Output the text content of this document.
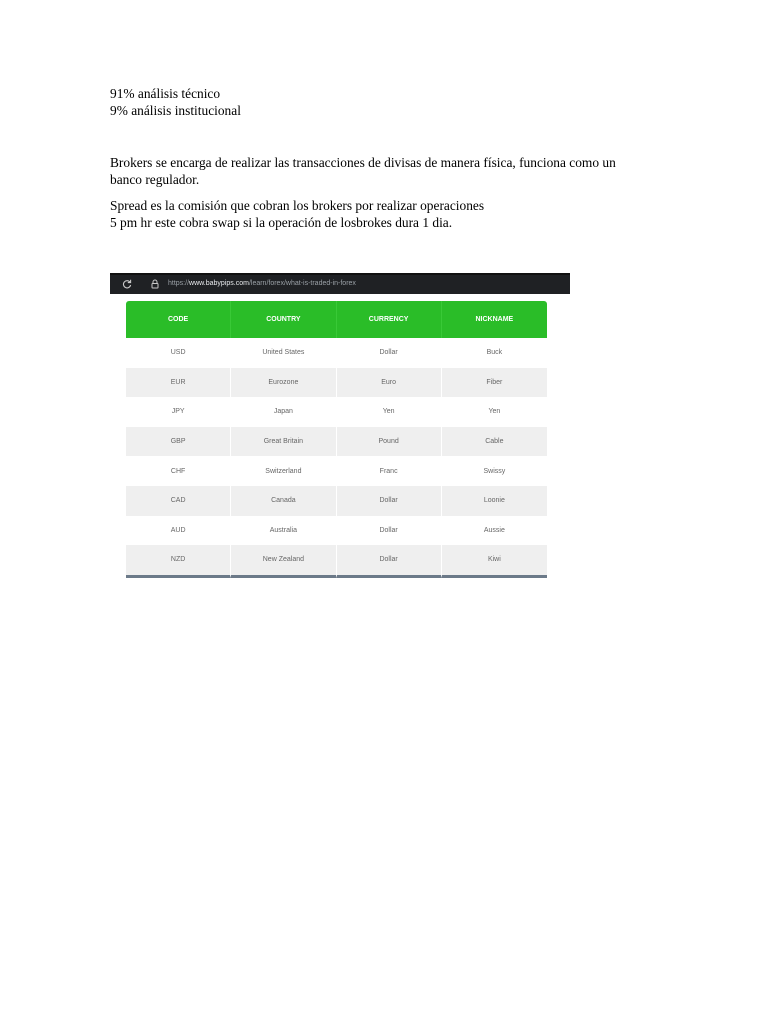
91% análisis técnico
9% análisis institucional
Brokers se encarga de realizar las transacciones de divisas de manera física, funciona como un
banco regulador.
Spread es la comisión que cobran los brokers por realizar operaciones
5 pm hr este cobra swap si la operación de losbrokes dura 1 dia.
https://www.babypips.com/learn/forex/what-is-traded-in-forex
CODE	COUNTRY	CURRENCY	NICKNAME
USD	United States	Dollar	Buck
EUR	Eurozone	Euro	Fiber
JPY	Japan	Yen	Yen
GBP	Great Britain	Pound	Cable
CHF	Switzerland	Franc	Swissy
CAD	Canada	Dollar	Loonie
AUD	Australia	Dollar	Aussie
NZD	New Zealand	Dollar	Kiwi
